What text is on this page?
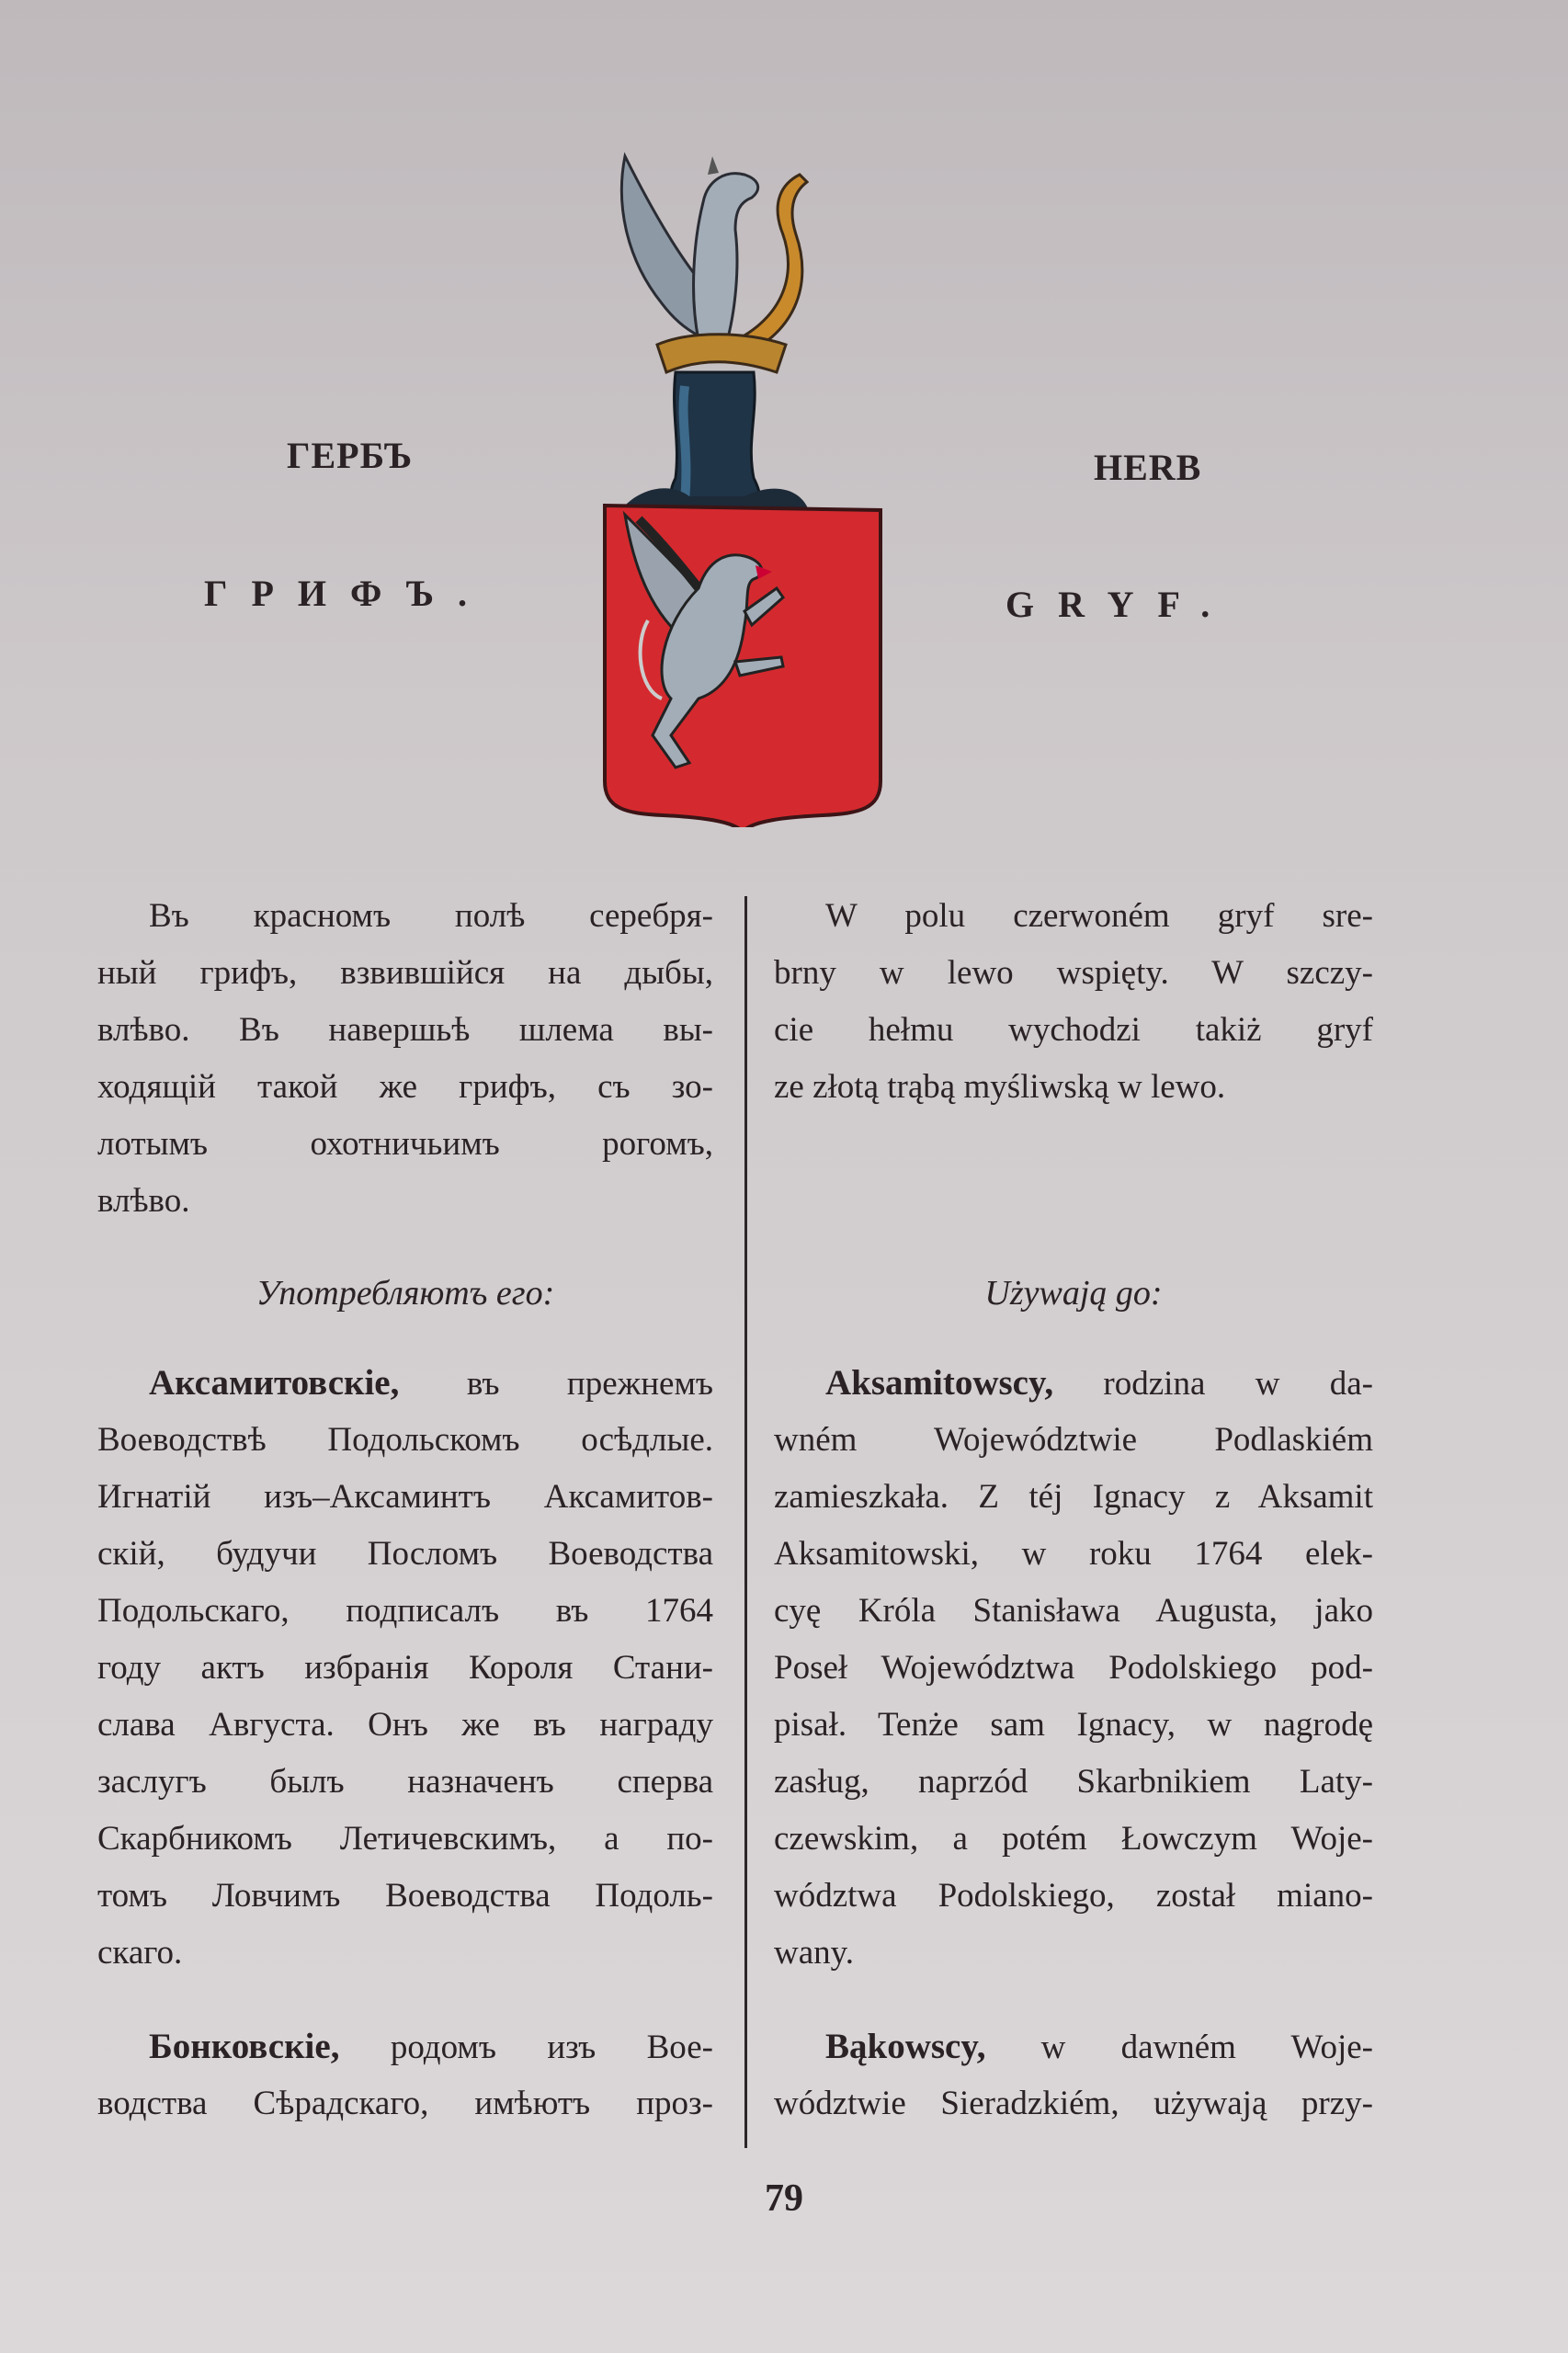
ГЕРБЪ
ГРИФЪ.
HERB
GRYF.
Въ красномъ полѣ серебря-
ный грифъ, взвившійся на дыбы,
влѣво. Въ навершьѣ шлема вы-
ходящій такой же грифъ, съ зо-
лотымъ охотничьимъ рогомъ,
влѣво.
Употребляютъ его:
Аксамитовскіе, въ прежнемъ
Воеводствѣ Подольскомъ осѣдлые.
Игнатій изъ–Аксаминтъ Аксамитов-
скій, будучи Посломъ Воеводства
Подольскаго, подписалъ въ 1764
году актъ избранія Короля Стани-
слава Августа. Онъ же въ награду
заслугъ былъ назначенъ сперва
Скарбникомъ Летичевскимъ, а по-
томъ Ловчимъ Воеводства Подоль-
скаго.
Бонковскіе, родомъ изъ Вое-
водства Сѣрадскаго, имѣютъ проз-
W polu czerwoném gryf sre-
brny w lewo wspięty. W szczy-
cie hełmu wychodzi takiż gryf
ze złotą trąbą myśliwską w lewo.
Używają go:
Aksamitowscy, rodzina w da-
wném Województwie Podlaskiém
zamieszkała. Z téj Ignacy z Aksamit
Aksamitowski, w roku 1764 elek-
cyę Króla Stanisława Augusta, jako
Poseł Województwa Podolskiego pod-
pisał. Tenże sam Ignacy, w nagrodę
zasług, naprzód Skarbnikiem Laty-
czewskim, a potém Łowczym Woje-
wództwa Podolskiego, został miano-
wany.
Bąkowscy, w dawném Woje-
wództwie Sieradzkiém, używają przy-
79
